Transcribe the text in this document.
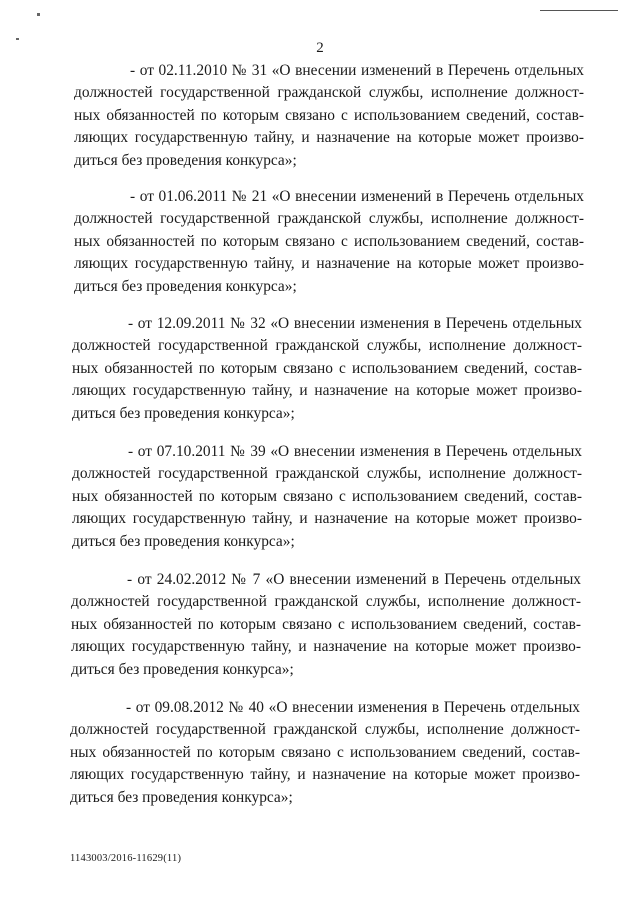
2
- от 02.11.2010 № 31 «О внесении изменений в Перечень отдельных
должностей государственной гражданской службы, исполнение должност-
ных обязанностей по которым связано с использованием сведений, состав-
ляющих государственную тайну, и назначение на которые может произво-
диться без проведения конкурса»;
- от 01.06.2011 № 21 «О внесении изменений в Перечень отдельных
должностей государственной гражданской службы, исполнение должност-
ных обязанностей по которым связано с использованием сведений, состав-
ляющих государственную тайну, и назначение на которые может произво-
диться без проведения конкурса»;
- от 12.09.2011 № 32 «О внесении изменения в Перечень отдельных
должностей государственной гражданской службы, исполнение должност-
ных обязанностей по которым связано с использованием сведений, состав-
ляющих государственную тайну, и назначение на которые может произво-
диться без проведения конкурса»;
- от 07.10.2011 № 39 «О внесении изменения в Перечень отдельных
должностей государственной гражданской службы, исполнение должност-
ных обязанностей по которым связано с использованием сведений, состав-
ляющих государственную тайну, и назначение на которые может произво-
диться без проведения конкурса»;
- от 24.02.2012 № 7 «О внесении изменений в Перечень отдельных
должностей государственной гражданской службы, исполнение должност-
ных обязанностей по которым связано с использованием сведений, состав-
ляющих государственную тайну, и назначение на которые может произво-
диться без проведения конкурса»;
- от 09.08.2012 № 40 «О внесении изменения в Перечень отдельных
должностей государственной гражданской службы, исполнение должност-
ных обязанностей по которым связано с использованием сведений, состав-
ляющих государственную тайну, и назначение на которые может произво-
диться без проведения конкурса»;
1143003/2016-11629(11)
